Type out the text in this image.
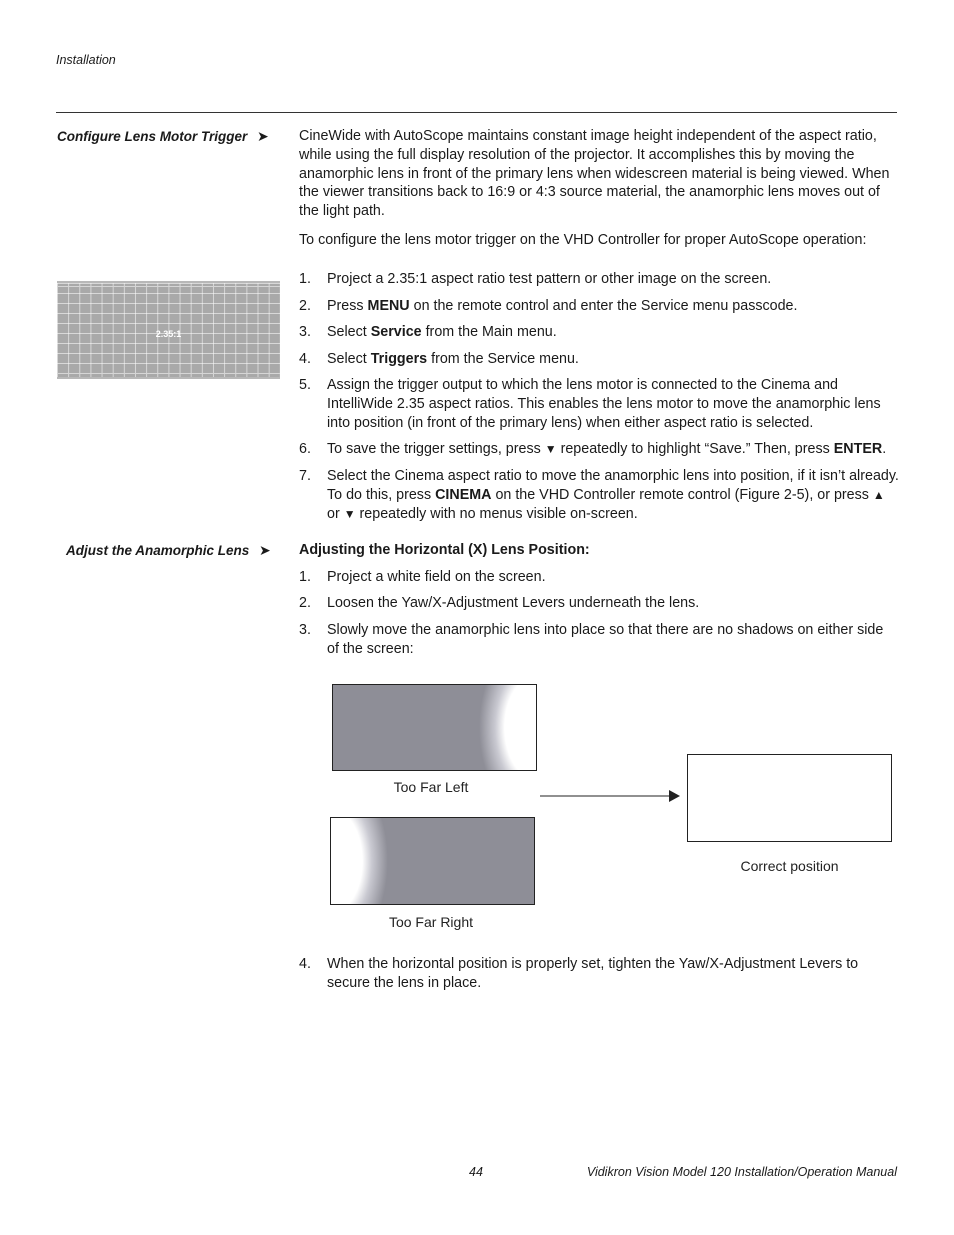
Installation
Configure Lens Motor Trigger ➤ CineWide with AutoScope maintains constant image height independent of the aspect ratio, while using the full display resolution of the projector. It accomplishes this by moving the anamorphic lens in front of the primary lens when widescreen material is being viewed. When the viewer transitions back to 16:9 or 4:3 source material, the anamorphic lens moves out of the light path.

To configure the lens motor trigger on the VHD Controller for proper AutoScope operation:

2.35:1
1. Project a 2.35:1 aspect ratio test pattern or other image on the screen.
2. Press MENU on the remote control and enter the Service menu passcode.
3. Select Service from the Main menu.
4. Select Triggers from the Service menu.
5. Assign the trigger output to which the lens motor is connected to the Cinema and IntelliWide 2.35 aspect ratios. This enables the lens motor to move the anamorphic lens into position (in front of the primary lens) when either aspect ratio is selected.
6. To save the trigger settings, press ▼ repeatedly to highlight “Save.” Then, press ENTER.
7. Select the Cinema aspect ratio to move the anamorphic lens into position, if it isn’t already. To do this, press CINEMA on the VHD Controller remote control (Figure 2-5), or press ▲ or ▼ repeatedly with no menus visible on-screen.
Adjust the Anamorphic Lens ➤ Adjusting the Horizontal (X) Lens Position:
1. Project a white field on the screen.
2. Loosen the Yaw/X-Adjustment Levers underneath the lens.
3. Slowly move the anamorphic lens into place so that there are no shadows on either side of the screen:
Too Far Left
Too Far Right
Correct position
4. When the horizontal position is properly set, tighten the Yaw/X-Adjustment Levers to secure the lens in place.
44	Vidikron Vision Model 120 Installation/Operation Manual
